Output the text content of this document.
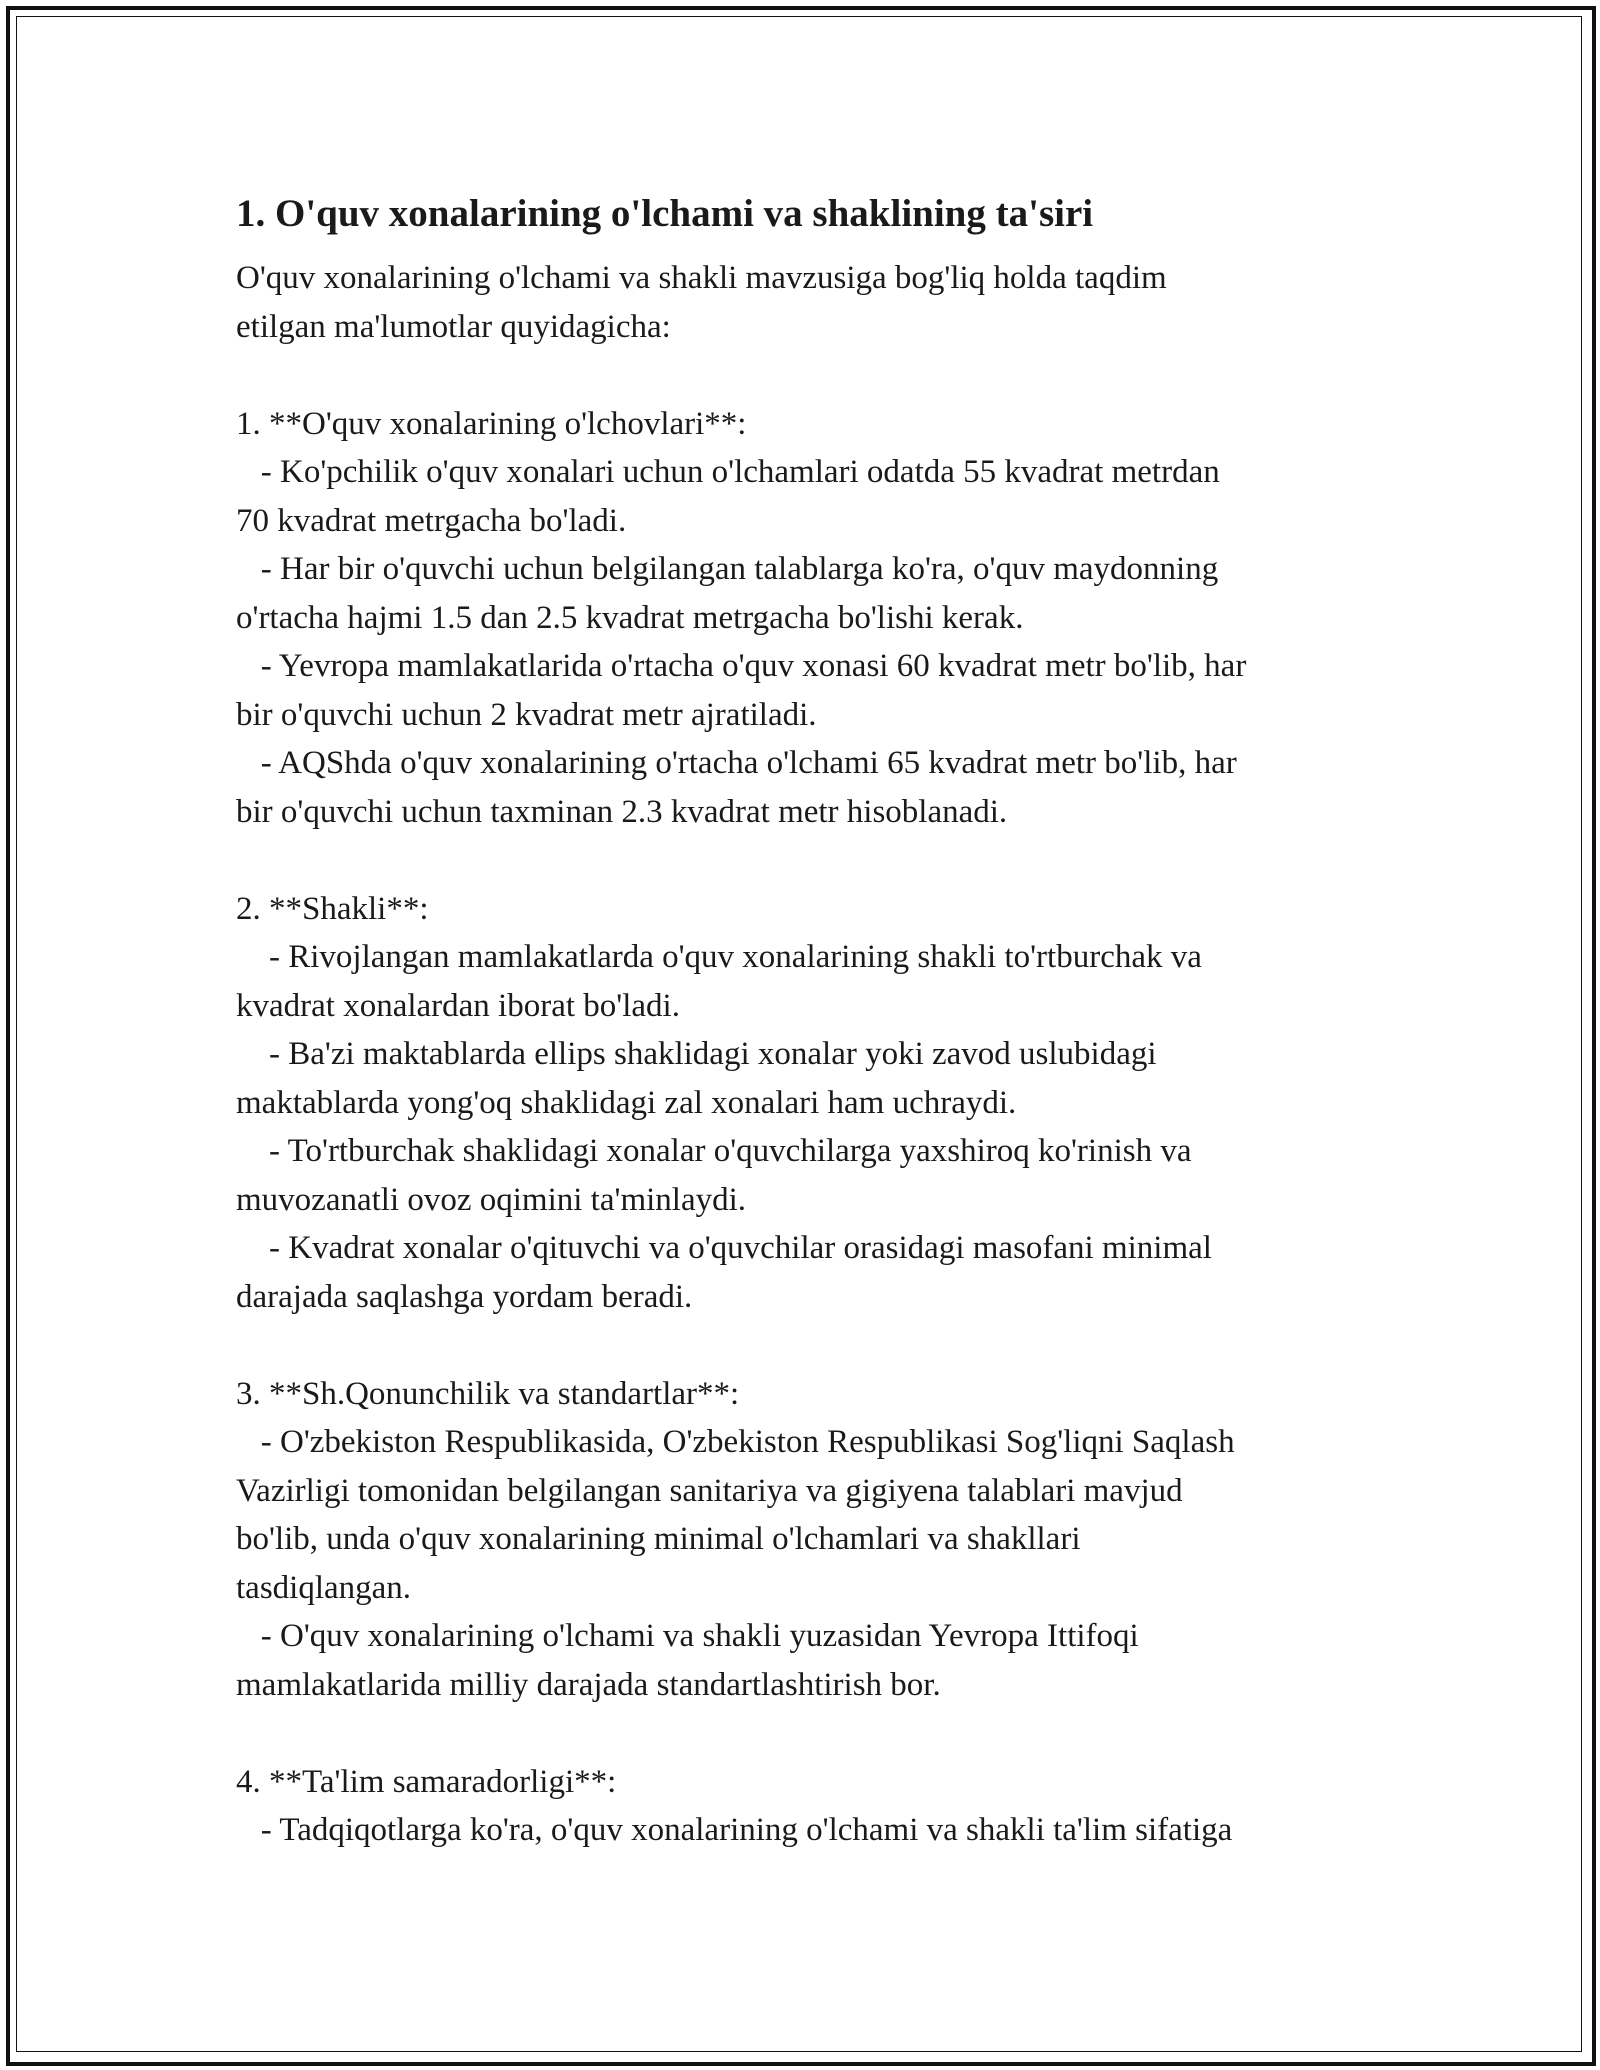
1. O'quv xonalarining o'lchami va shaklining ta'siri
O'quv xonalarining o'lchami va shakli mavzusiga bog'liq holda taqdim
etilgan ma'lumotlar quyidagicha:
1. **O'quv xonalarining o'lchovlari**:
- Ko'pchilik o'quv xonalari uchun o'lchamlari odatda 55 kvadrat metrdan
70 kvadrat metrgacha bo'ladi.
- Har bir o'quvchi uchun belgilangan talablarga ko'ra, o'quv maydonning
o'rtacha hajmi 1.5 dan 2.5 kvadrat metrgacha bo'lishi kerak.
- Yevropa mamlakatlarida o'rtacha o'quv xonasi 60 kvadrat metr bo'lib, har
bir o'quvchi uchun 2 kvadrat metr ajratiladi.
- AQShda o'quv xonalarining o'rtacha o'lchami 65 kvadrat metr bo'lib, har
bir o'quvchi uchun taxminan 2.3 kvadrat metr hisoblanadi.
2. **Shakli**:
- Rivojlangan mamlakatlarda o'quv xonalarining shakli to'rtburchak va
kvadrat xonalardan iborat bo'ladi.
- Ba'zi maktablarda ellips shaklidagi xonalar yoki zavod uslubidagi
maktablarda yong'oq shaklidagi zal xonalari ham uchraydi.
- To'rtburchak shaklidagi xonalar o'quvchilarga yaxshiroq ko'rinish va
muvozanatli ovoz oqimini ta'minlaydi.
- Kvadrat xonalar o'qituvchi va o'quvchilar orasidagi masofani minimal
darajada saqlashga yordam beradi.
3. **Sh.Qonunchilik va standartlar**:
- O'zbekiston Respublikasida, O'zbekiston Respublikasi Sog'liqni Saqlash
Vazirligi tomonidan belgilangan sanitariya va gigiyena talablari mavjud
bo'lib, unda o'quv xonalarining minimal o'lchamlari va shakllari
tasdiqlangan.
- O'quv xonalarining o'lchami va shakli yuzasidan Yevropa Ittifoqi
mamlakatlarida milliy darajada standartlashtirish bor.
4. **Ta'lim samaradorligi**:
- Tadqiqotlarga ko'ra, o'quv xonalarining o'lchami va shakli ta'lim sifatiga
